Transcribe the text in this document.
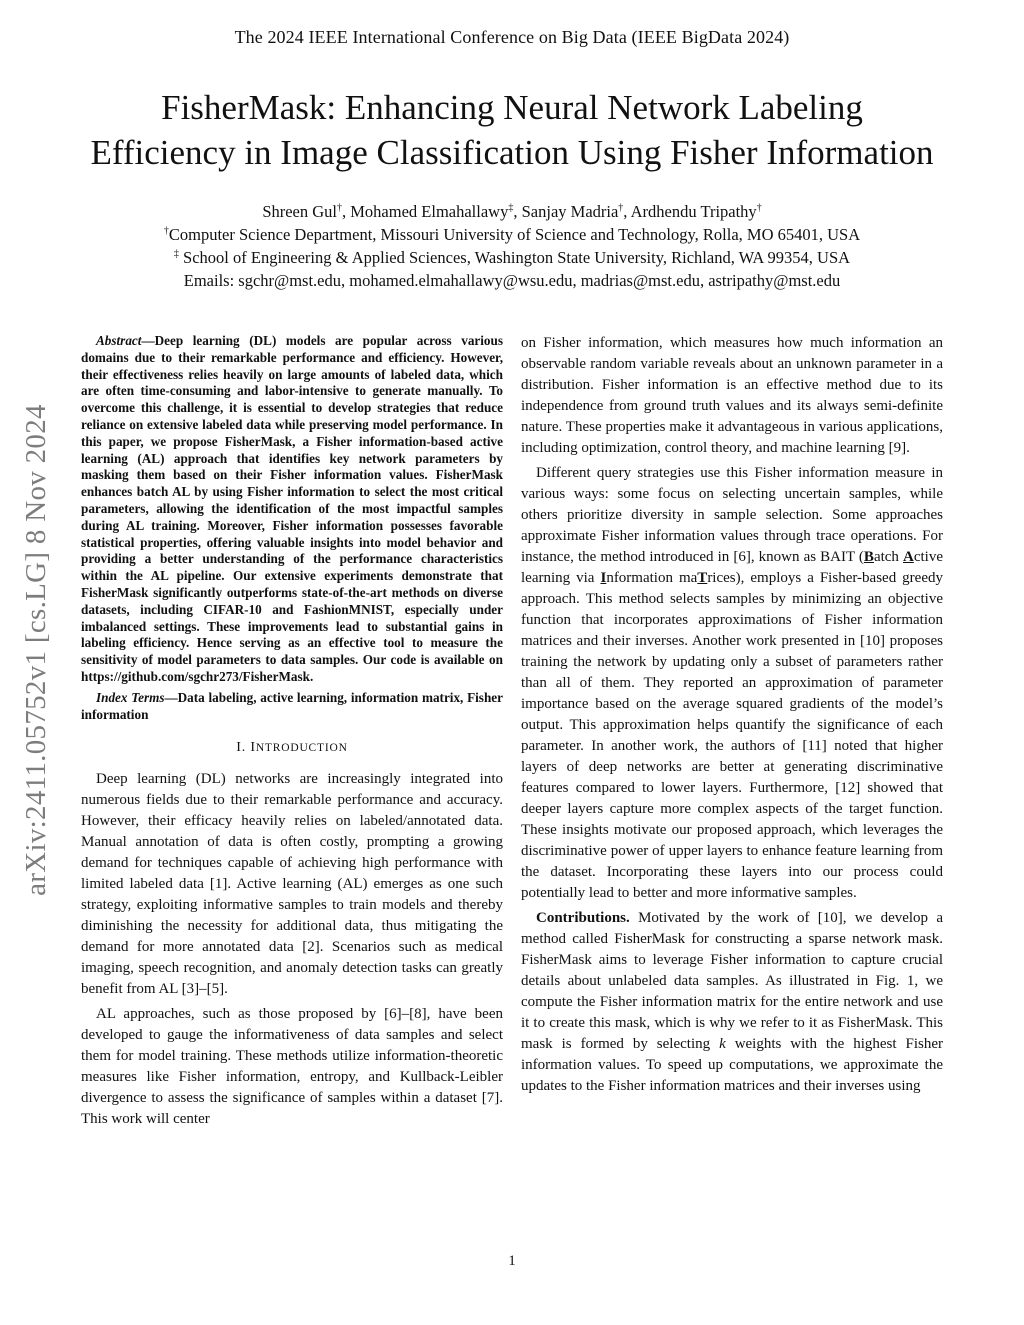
The 2024 IEEE International Conference on Big Data (IEEE BigData 2024)
FisherMask: Enhancing Neural Network Labeling
Efficiency in Image Classification Using Fisher Information
Shreen Gul†, Mohamed Elmahallawy‡, Sanjay Madria†, Ardhendu Tripathy†
†Computer Science Department, Missouri University of Science and Technology, Rolla, MO 65401, USA
‡ School of Engineering & Applied Sciences, Washington State University, Richland, WA 99354, USA
Emails: sgchr@mst.edu, mohamed.elmahallawy@wsu.edu, madrias@mst.edu, astripathy@mst.edu
arXiv:2411.05752v1 [cs.LG] 8 Nov 2024

Abstract—Deep learning (DL) models are popular across various domains due to their remarkable performance and efficiency. However, their effectiveness relies heavily on large amounts of labeled data, which are often time-consuming and labor-intensive to generate manually. To overcome this challenge, it is essential to develop strategies that reduce reliance on extensive labeled data while preserving model performance. In this paper, we propose FisherMask, a Fisher information-based active learning (AL) approach that identifies key network parameters by masking them based on their Fisher information values. FisherMask enhances batch AL by using Fisher information to select the most critical parameters, allowing the identification of the most impactful samples during AL training. Moreover, Fisher information possesses favorable statistical properties, offering valuable insights into model behavior and providing a better understanding of the performance characteristics within the AL pipeline. Our extensive experiments demonstrate that FisherMask significantly outperforms state-of-the-art methods on diverse datasets, including CIFAR-10 and FashionMNIST, especially under imbalanced settings. These improvements lead to substantial gains in labeling efficiency. Hence serving as an effective tool to measure the sensitivity of model parameters to data samples. Our code is available on https://github.com/sgchr273/FisherMask.

Index Terms—Data labeling, active learning, information matrix, Fisher information

I. INTRODUCTION

Deep learning (DL) networks are increasingly integrated into numerous fields due to their remarkable performance and accuracy. However, their efficacy heavily relies on labeled/annotated data. Manual annotation of data is often costly, prompting a growing demand for techniques capable of achieving high performance with limited labeled data [1]. Active learning (AL) emerges as one such strategy, exploiting informative samples to train models and thereby diminishing the necessity for additional data, thus mitigating the demand for more annotated data [2]. Scenarios such as medical imaging, speech recognition, and anomaly detection tasks can greatly benefit from AL [3]–[5].

AL approaches, such as those proposed by [6]–[8], have been developed to gauge the informativeness of data samples and select them for model training. These methods utilize information-theoretic measures like Fisher information, entropy, and Kullback-Leibler divergence to assess the significance of samples within a dataset [7]. This work will center

on Fisher information, which measures how much information an observable random variable reveals about an unknown parameter in a distribution. Fisher information is an effective method due to its independence from ground truth values and its always semi-definite nature. These properties make it advantageous in various applications, including optimization, control theory, and machine learning [9].

Different query strategies use this Fisher information measure in various ways: some focus on selecting uncertain samples, while others prioritize diversity in sample selection. Some approaches approximate Fisher information values through trace operations. For instance, the method introduced in [6], known as BAIT (Batch Active learning via Information maTrices), employs a Fisher-based greedy approach. This method selects samples by minimizing an objective function that incorporates approximations of Fisher information matrices and their inverses. Another work presented in [10] proposes training the network by updating only a subset of parameters rather than all of them. They reported an approximation of parameter importance based on the average squared gradients of the model’s output. This approximation helps quantify the significance of each parameter. In another work, the authors of [11] noted that higher layers of deep networks are better at generating discriminative features compared to lower layers. Furthermore, [12] showed that deeper layers capture more complex aspects of the target function. These insights motivate our proposed approach, which leverages the discriminative power of upper layers to enhance feature learning from the dataset. Incorporating these layers into our process could potentially lead to better and more informative samples.

Contributions. Motivated by the work of [10], we develop a method called FisherMask for constructing a sparse network mask. FisherMask aims to leverage Fisher information to capture crucial details about unlabeled data samples. As illustrated in Fig. 1, we compute the Fisher information matrix for the entire network and use it to create this mask, which is why we refer to it as FisherMask. This mask is formed by selecting k weights with the highest Fisher information values. To speed up computations, we approximate the updates to the Fisher information matrices and their inverses using

1
